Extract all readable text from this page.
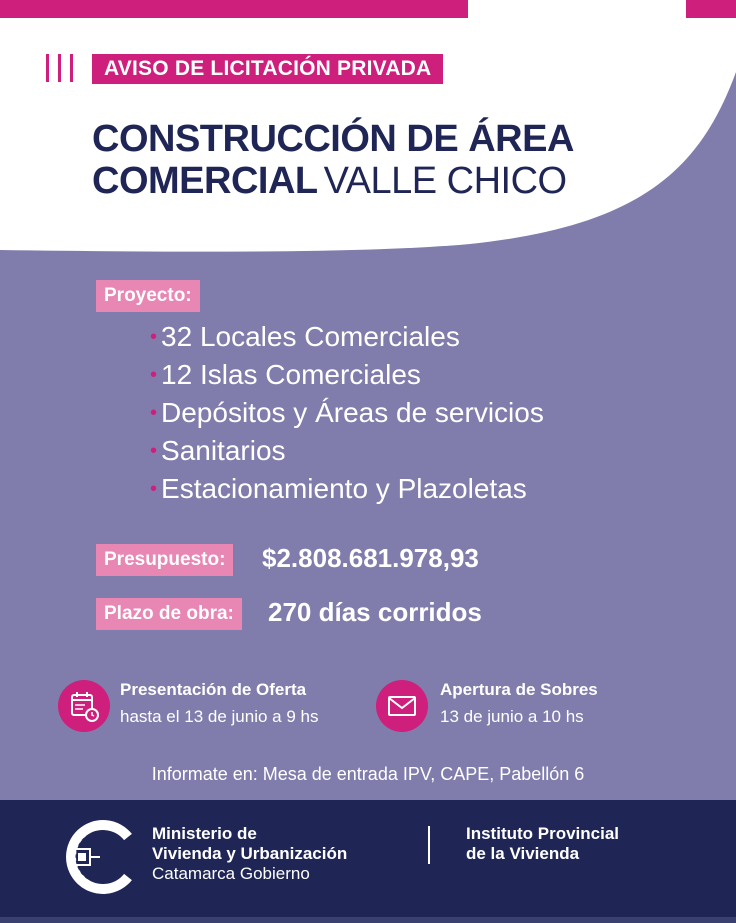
AVISO DE LICITACIÓN PRIVADA
CONSTRUCCIÓN DE ÁREA
COMERCIAL VALLE CHICO
Proyecto:
• 32 Locales Comerciales
• 12 Islas Comerciales
• Depósitos y Áreas de servicios
• Sanitarios
• Estacionamiento y Plazoletas
Presupuesto:	$2.808.681.978,93
Plazo de obra:	270 días corridos
Presentación de Oferta
hasta el 13 de junio a 9 hs
Apertura de Sobres
13 de junio a 10 hs
Informate en: Mesa de entrada IPV, CAPE, Pabellón 6
Ministerio de
Vivienda y Urbanización
Catamarca Gobierno
Instituto Provincial
de la Vivienda
